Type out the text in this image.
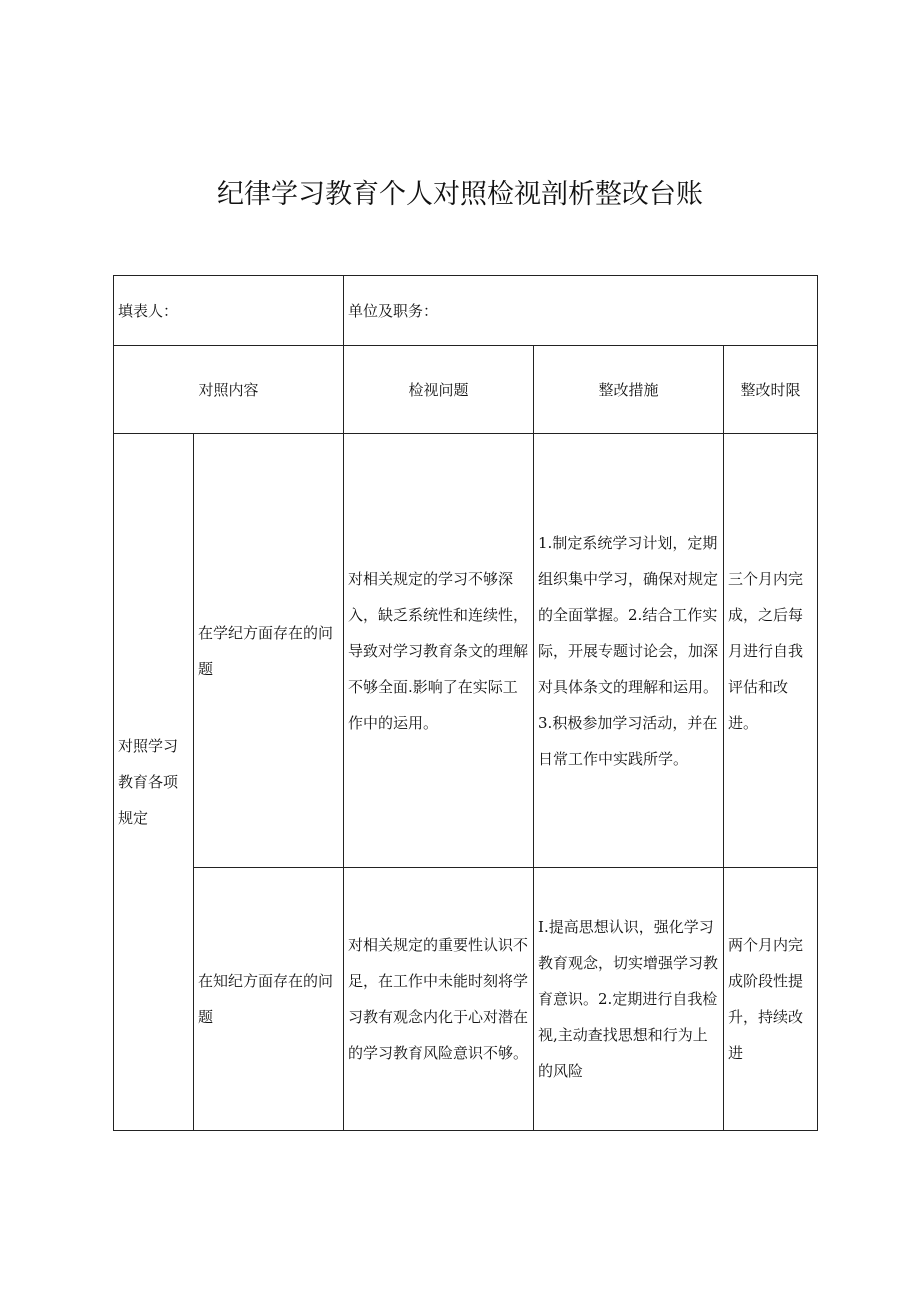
纪律学习教育个人对照检视剖析整改台账
填表人：		单位及职务：		
对照内容		检视问题	整改措施	整改时限
对照学习教育各项规定	在学纪方面存在的问题	对相关规定的学习不够深入，缺乏系统性和连续性，导致对学习教育条文的理解不够全面.影响了在实际工作中的运用。	1.制定系统学习计划，定期组织集中学习，确保对规定的全面掌握。2.结合工作实际，开展专题讨论会，加深对具体条文的理解和运用。3.积极参加学习活动，并在日常工作中实践所学。	三个月内完成，之后每月进行自我评估和改进。
	在知纪方面存在的问题	对相关规定的重要性认识不足，在工作中未能时刻将学习教有观念内化于心对潜在的学习教育风险意识不够。	I.提高思想认识，强化学习教育观念，切实增强学习教育意识。2.定期进行自我检视,主动查找思想和行为上的风险	两个月内完成阶段性提升，持续改进
